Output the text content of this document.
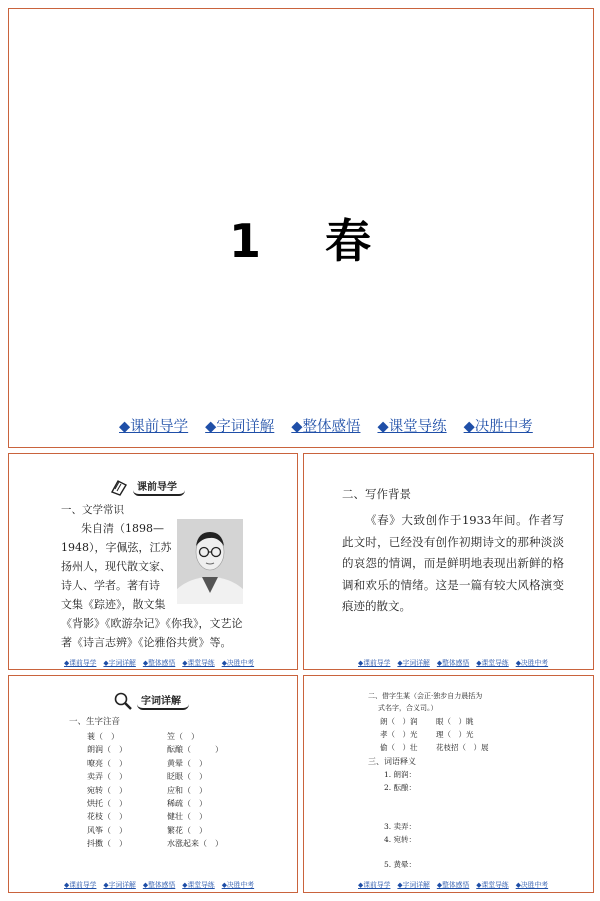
1 春
◆课前导学 ◆字词详解 ◆整体感悟 ◆课堂导练 ◆决胜中考
课前导学
一、文学常识
朱自清（1898—
1948），字佩弦，江苏
扬州人，现代散文家、
诗人、学者。著有诗
文集《踪迹》，散文集
《背影》《欧游杂记》《你我》，文艺论
著《诗言志辨》《论雅俗共赏》等。
◆课前导学 ◆字词详解 ◆整体感悟 ◆课堂导练 ◆决胜中考
二、写作背景
《春》大致创作于1933年间。作者写此文时，已经没有创作初期诗文的那种淡淡的哀怨的情调，而是鲜明地表现出新鲜的格调和欢乐的情绪。这是一篇有较大风格演变痕迹的散文。
◆课前导学 ◆字词详解 ◆整体感悟 ◆课堂导练 ◆决胜中考
字词详解
一、生字注音
蓑（　）	笠（　）
朗润（　）	酝酿（　　　）
嘹亮（　）	黄晕（　）
卖弄（　）	眨眼（　）
宛转（　）	应和（　）
烘托（　）	稀疏（　）
花枝（　）	健壮（　）
风筝（　）	繁花（　）
抖擞（　）	水涨起来（　）
◆课前导学 ◆字词详解 ◆整体感悟 ◆课堂导练 ◆决胜中考
二、借字生某（会正·独步自力晨括为
式名字，合义司。）
朗（　）润 眼（　）眺
孝（　）光 理（　）光
偷（　）壮 花枝招（　）展
三、词语释义
1. 朗润：
2. 酝酿：
3. 卖弄：
4. 宛转：
5. 黄晕：
◆课前导学 ◆字词详解 ◆整体感悟 ◆课堂导练 ◆决胜中考
